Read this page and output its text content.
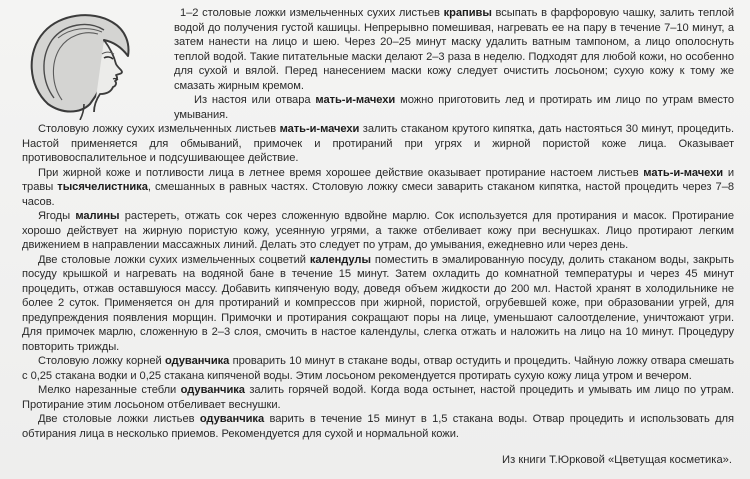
1–2 столовые ложки измельченных сухих листьев крапивы всыпать в фарфоровую чашку, залить теплой водой до получения густой кашицы. Непрерывно помешивая, нагревать ее на пару в течение 7–10 минут, а затем нанести на лицо и шею. Через 20–25 минут маску удалить ватным тампоном, а лицо ополоснуть теплой водой. Такие питательные маски делают 2–3 раза в неделю. Подходят для любой кожи, но особенно для сухой и вялой. Перед нанесением маски кожу следует очистить лосьоном; сухую кожу к тому же смазать жирным кремом.

Из настоя или отвара мать-и-мачехи можно приготовить лед и протирать им лицо по утрам вместо умывания.

Столовую ложку сухих измельченных листьев мать-и-мачехи залить стаканом крутого кипятка, дать настояться 30 минут, процедить. Настой применяется для обмываний, примочек и протираний при угрях и жирной пористой коже лица. Оказывает противовоспалительное и подсушивающее действие.

При жирной коже и потливости лица в летнее время хорошее действие оказывает протирание настоем листьев мать-и-мачехи и травы тысячелистника, смешанных в равных частях. Столовую ложку смеси заварить стаканом кипятка, настой процедить через 7–8 часов.

Ягоды малины растереть, отжать сок через сложенную вдвойне марлю. Сок используется для протирания и масок. Протирание хорошо действует на жирную пористую кожу, усеянную угрями, а также отбеливает кожу при веснушках. Лицо протирают легким движением в направлении массажных линий. Делать это следует по утрам, до умывания, ежедневно или через день.

Две столовые ложки сухих измельченных соцветий календулы поместить в эмалированную посуду, долить стаканом воды, закрыть посуду крышкой и нагревать на водяной бане в течение 15 минут. Затем охладить до комнатной температуры и через 45 минут процедить, отжав оставшуюся массу. Добавить кипяченую воду, доведя объем жидкости до 200 мл. Настой хранят в холодильнике не более 2 суток. Применяется он для протираний и компрессов при жирной, пористой, огрубевшей коже, при образовании угрей, для предупреждения появления морщин. Примочки и протирания сокращают поры на лице, уменьшают салоотделение, уничтожают угри. Для примочек марлю, сложенную в 2–3 слоя, смочить в настое календулы, слегка отжать и наложить на лицо на 10 минут. Процедуру повторить трижды.

Столовую ложку корней одуванчика проварить 10 минут в стакане воды, отвар остудить и процедить. Чайную ложку отвара смешать с 0,25 стакана водки и 0,25 стакана кипяченой воды. Этим лосьоном рекомендуется протирать сухую кожу лица утром и вечером.

Мелко нарезанные стебли одуванчика залить горячей водой. Когда вода остынет, настой процедить и умывать им лицо по утрам. Протирание этим лосьоном отбеливает веснушки.

Две столовые ложки листьев одуванчика варить в течение 15 минут в 1,5 стакана воды. Отвар процедить и использовать для обтирания лица в несколько приемов. Рекомендуется для сухой и нормальной кожи.

Из книги Т.Юрковой «Цветущая косметика».
